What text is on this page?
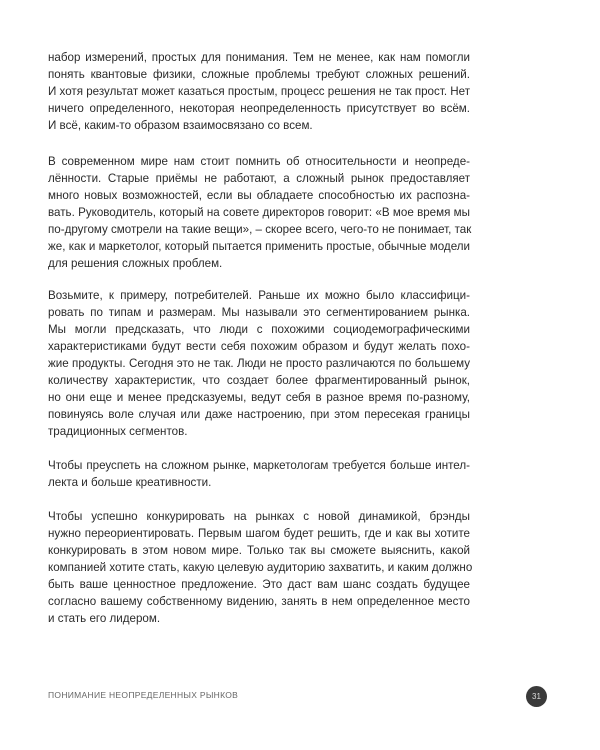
набор измерений, простых для понимания. Тем не менее, как нам помогли
понять квантовые физики, сложные проблемы требуют сложных решений.
И хотя результат может казаться простым, процесс решения не так прост. Нет
ничего определенного, некоторая неопределенность присутствует во всём.
И всё, каким-то образом взаимосвязано со всем.
В современном мире нам стоит помнить об относительности и неопреде-
лённости. Старые приёмы не работают, а сложный рынок предоставляет
много новых возможностей, если вы обладаете способностью их распозна-
вать. Руководитель, который на совете директоров говорит: «В мое время мы
по-другому смотрели на такие вещи», – скорее всего, чего-то не понимает, так
же, как и маркетолог, который пытается применить простые, обычные модели
для решения сложных проблем.
Возьмите, к примеру, потребителей. Раньше их можно было классифици-
ровать по типам и размерам. Мы называли это сегментированием рынка.
Мы могли предсказать, что люди с похожими социодемографическими
характеристиками будут вести себя похожим образом и будут желать похо-
жие продукты. Сегодня это не так. Люди не просто различаются по большему
количеству характеристик, что создает более фрагментированный рынок,
но они еще и менее предсказуемы, ведут себя в разное время по-разному,
повинуясь воле случая или даже настроению, при этом пересекая границы
традиционных сегментов.
Чтобы преуспеть на сложном рынке, маркетологам требуется больше интел-
лекта и больше креативности.
Чтобы успешно конкурировать на рынках с новой динамикой, брэнды
нужно переориентировать. Первым шагом будет решить, где и как вы хотите
конкурировать в этом новом мире. Только так вы сможете выяснить, какой
компанией хотите стать, какую целевую аудиторию захватить, и каким должно
быть ваше ценностное предложение. Это даст вам шанс создать будущее
согласно вашему собственному видению, занять в нем определенное место
и стать его лидером.
ПОНИМАНИЕ НЕОПРЕДЕЛЕННЫХ РЫНКОВ	31
